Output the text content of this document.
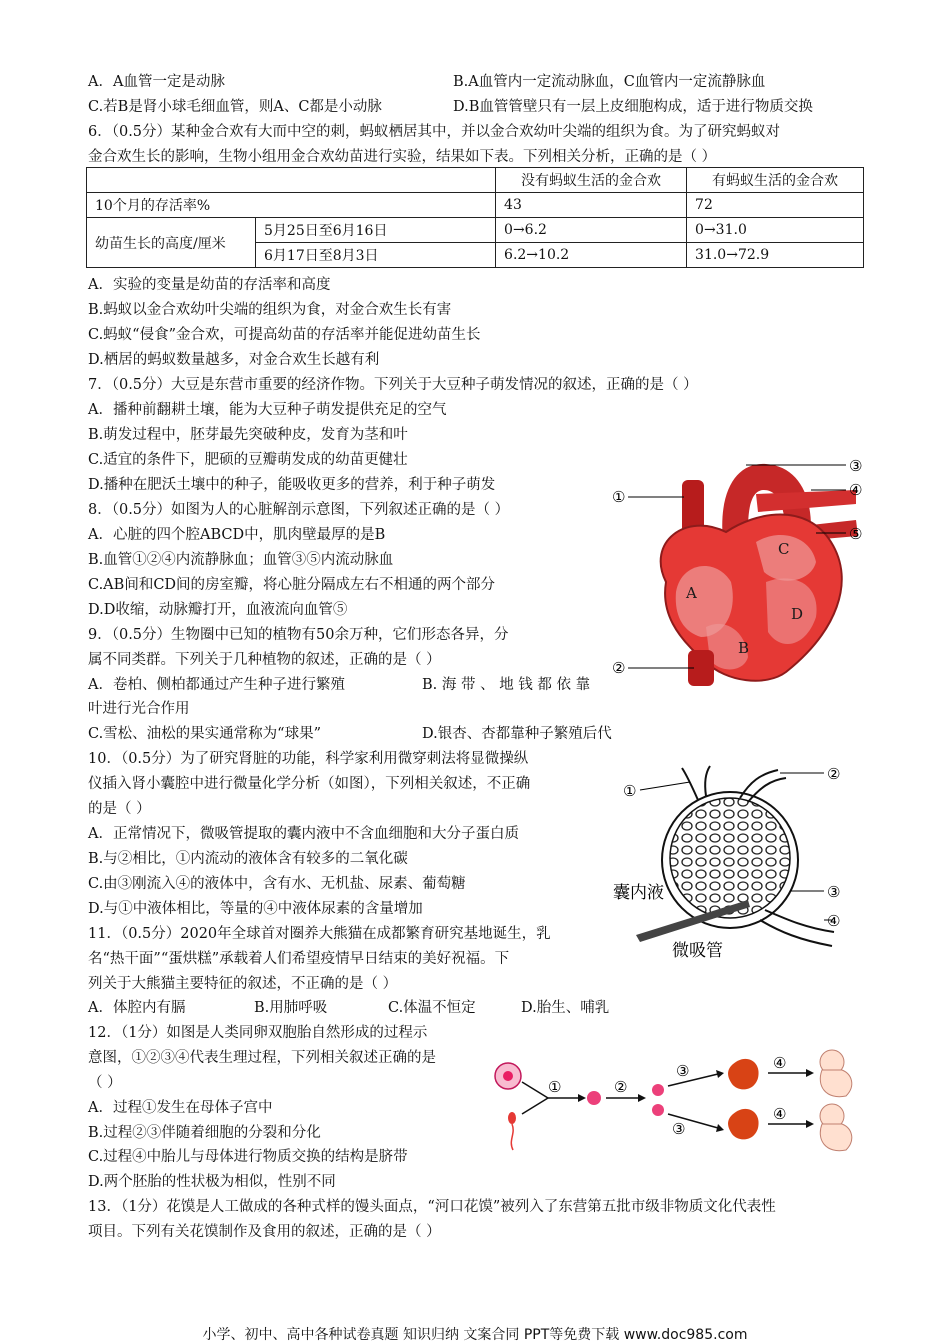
A．A血管一定是动脉	B.A血管内一定流动脉血，C血管内一定流静脉血
C.若B是肾小球毛细血管，则A、C都是小动脉	D.B血管管壁只有一层上皮细胞构成，适于进行物质交换
6．（0.5分）某种金合欢有大而中空的刺，蚂蚁栖居其中，并以金合欢幼叶尖端的组织为食。为了研究蚂蚁对
金合欢生长的影响，生物小组用金合欢幼苗进行实验，结果如下表。下列相关分析，正确的是（ ）
		没有蚂蚁生活的金合欢	有蚂蚁生活的金合欢
10个月的存活率%		43	72
幼苗生长的高度/厘米	5月25日至6月16日	0→6.2	0→31.0
	6月17日至8月3日	6.2→10.2	31.0→72.9
A．实验的变量是幼苗的存活率和高度
B.蚂蚁以金合欢幼叶尖端的组织为食，对金合欢生长有害
C.蚂蚁“侵食”金合欢，可提高幼苗的存活率并能促进幼苗生长
D.栖居的蚂蚁数量越多，对金合欢生长越有利
7．（0.5分）大豆是东营市重要的经济作物。下列关于大豆种子萌发情况的叙述，正确的是（ ）
A．播种前翻耕土壤，能为大豆种子萌发提供充足的空气
B.萌发过程中，胚芽最先突破种皮，发育为茎和叶
C.适宜的条件下，肥硕的豆瓣萌发成的幼苗更健壮
D.播种在肥沃土壤中的种子，能吸收更多的营养，利于种子萌发
8．（0.5分）如图为人的心脏解剖示意图，下列叙述正确的是（ ）
A．心脏的四个腔ABCD中，肌肉壁最厚的是B
B.血管①②④内流静脉血；血管③⑤内流动脉血
C.AB间和CD间的房室瓣，将心脏分隔成左右不相通的两个部分
D.D收缩，动脉瓣打开，血液流向血管⑤
9．（0.5分）生物圈中已知的植物有50余万种，它们形态各异，分
属不同类群。下列关于几种植物的叙述，正确的是（ ）
A．卷柏、侧柏都通过产生种子进行繁殖	B. 海 带 、 地 钱 都 依 靠
叶进行光合作用
C.雪松、油松的果实通常称为“球果”	D.银杏、杏都靠种子繁殖后代
10．（0.5分）为了研究肾脏的功能，科学家利用微穿刺法将显微操纵
仪插入肾小囊腔中进行微量化学分析（如图），下列相关叙述，不正确
的是（ ）
A．正常情况下，微吸管提取的囊内液中不含血细胞和大分子蛋白质
B.与②相比，①内流动的液体含有较多的二氧化碳
C.由③刚流入④的液体中，含有水、无机盐、尿素、葡萄糖
D.与①中液体相比，等量的④中液体尿素的含量增加
11．（0.5分）2020年全球首对圈养大熊猫在成都繁育研究基地诞生，乳
名“热干面”“蛋烘糕”承载着人们希望疫情早日结束的美好祝福。下
列关于大熊猫主要特征的叙述，不正确的是（ ）
A．体腔内有膈	B.用肺呼吸	C.体温不恒定	D.胎生、哺乳
12．（1分）如图是人类同卵双胞胎自然形成的过程示
意图，①②③④代表生理过程，下列相关叙述正确的是
（ ）
A．过程①发生在母体子宫中
B.过程②③伴随着细胞的分裂和分化
C.过程④中胎儿与母体进行物质交换的结构是脐带
D.两个胚胎的性状极为相似，性别不同
13．（1分）花馍是人工做成的各种式样的馒头面点，“河口花馍”被列入了东营第五批市级非物质文化代表性
项目。下列有关花馍制作及食用的叙述，正确的是（ ）
A
B
C
D
①
②
③
④
⑤
①
②
③
④
囊内液
微吸管
①	②
③
③
④
④
小学、初中、高中各种试卷真题 知识归纳 文案合同 PPT等免费下载 www.doc985.com
